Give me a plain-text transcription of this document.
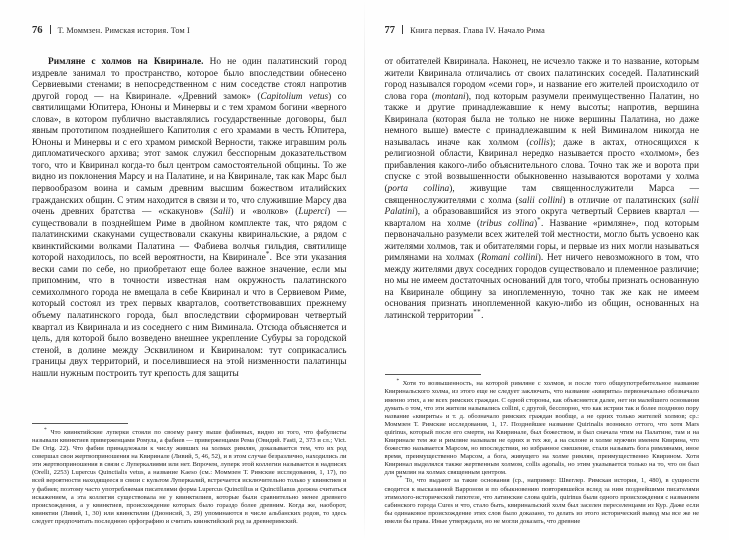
76 Т. Моммзен. Римская история. Том I

Римляне с холмов на Квиринале. Но не один палатинский город издревле занимал то пространство, которое было впоследствии обнесено Сервиевыми стенами; в непосредственном с ним соседстве стоял напротив другой город — на Квиринале. «Древний замок» (Capitolium vetus) со святилищами Юпитера, Юноны и Минервы и с тем храмом богини «верного слова», в котором публично выставлялись государственные договоры, был явным прототипом позднейшего Капитолия с его храмами в честь Юпитера, Юноны и Минервы и с его храмом римской Верности, также игравшим роль дипломатического архива; этот замок служил бесспорным доказательством того, что и Квиринал когда-то был центром самостоятельной общины. То же видно из поклонения Марсу и на Палатине, и на Квиринале, так как Марс был первообразом воина и самым древним высшим божеством италийских гражданских общин. С этим находится в связи и то, что служившие Марсу два очень древних братства — «скакунов» (Salii) и «волков» (Luperci) — существовали в позднейшем Риме в двойном комплекте так, что рядом с палатинскими скакунами существовали скакуны квиринальские, а рядом с квинктийскими волками Палатина — Фабиева волчья гильдия, святилище которой находилось, по всей вероятности, на Квиринале*. Все эти указания вески сами по себе, но приобретают еще более важное значение, если мы припомним, что в точности известная нам окружность палатинского семихолмного города не вмещала в себе Квиринал и что в Сервиевом Риме, который состоял из трех первых кварталов, соответствовавших прежнему объему палатинского города, был впоследствии сформирован четвертый квартал из Квиринала и из соседнего с ним Виминала. Отсюда объясняется и цель, для которой было возведено внешнее укрепление Субуры за городской стеной, в долине между Эсквилином и Квириналом: тут соприкасались границы двух территорий, и поселившиеся на этой низменности палатинцы нашли нужным построить тут крепость для защиты

* Что квинктийские луперки стояли по своему рангу выше фабиевых, видно из того, что фабулисты называли квинктиев приверженцами Ромула, а фабиев — приверженцами Рема (Овидий. Fasti, 2, 373 и сл.; Vict. De Orig. 22). Что фабии принадлежали к числу живших на холмах римлян, доказывается тем, что их род совершал свои жертвоприношения на Квиринале (Ливий, 5, 46, 52), и в этом случае безразлично, находились ли эти жертвоприношения в связи с Луперкалиями или нет. Впрочем, луперк этой коллегии называется в надписях (Orelli, 2253) Lupercus Quinctialis vetus, а название Kaeso (см.: Моммзен Т. Римские исследования, 1, 17), по всей вероятности находящееся в связи с культом Луперкалий, встречается исключительно только у квинктиев и у фабиев; поэтому часто употребляемая писателями форма Lupercus Quinctilius и Quinctilianus должна считаться искажением, а эта коллегия существовала не у квинктилиев, которые были сравнительно менее древнего происхождения, а у квинктиев, происхождение которых было гораздо более древним. Когда же, наоборот, квинктии (Ливий, 1, 30) или квинктилии (Дионисий, 3, 29) упоминаются в числе альбанских родов, то здесь следует предпочитать последнюю орфографию и считать квинктийский род за древнеримский.

77 Книга первая. Глава IV. Начало Рима

от обитателей Квиринала. Наконец, не исчезло также и то название, которым жители Квиринала отличались от своих палатинских соседей. Палатинский город назывался городом «семи гор», и название его жителей происходило от слова гора (montani), под которым разумели преимущественно Палатин, но также и другие принадлежавшие к нему высоты; напротив, вершина Квиринала (которая была не только не ниже вершины Палатина, но даже немного выше) вместе с принадлежавшим к ней Виминалом никогда не называлась иначе как холмом (collis); даже в актах, относящихся к религиозной области, Квиринал нередко называется просто «холмом», без прибавления какого-либо объяснительного слова. Точно так же и ворота при спуске с этой возвышенности обыкновенно называются воротами у холма (porta collina), живущие там священнослужители Марса — священнослужителями с холма (salii collini) в отличие от палатинских (salii Palatini), а образовавшийся из этого округа четвертый Сервиев квартал — кварталом на холме (tribus collina)*. Название «римляне», под которым первоначально разумели всех жителей той местности, могло быть усвоено как жителями холмов, так и обитателями горы, и первые из них могли называться римлянами на холмах (Romani collini). Нет ничего невозможного в том, что между жителями двух соседних городов существовало и племенное различие; но мы не имеем достаточных оснований для того, чтобы признать основанную на Квиринале общину за иноплеменную, точно так же как не имеем основания признать иноплеменной какую-либо из общин, основанных на латинской территории**.

* Хотя то возвышенность, на которой римляне с холмов, и после того общеупотребительное название Квиринальского холма, из этого еще не следует заключать, что название «квириты» первоначально обозначало именно этих, а не всех римских граждан. С одной стороны, как объясняется далее, нет ни малейшего основания думать о том, что эти жители назывались collini, с другой, бесспорно, что как истрии так и более позднюю пору название «квириты» и т. д. обозначало римских граждан вообще, а не одних только жителей холмов; ср.: Моммзен Т. Римские исследования, 1, 17. Позднейшее название Quirinalis возникло оттого, что хотя Mars quirinus, который после его смерти, на Квиринале, был божеством, и был сначала чтим на Палатине, там и на Квиринале тем же и римляне называли не одних и тех же, а на склоне и холме мужчин именем Квирина, что божество называется Марсом, но впоследствии, но избранное смешение, стали называть бога римлянами, иное время, преимущественно Марсом, а бога, живущего на холме римлян, преимущественно Квирином. Хотя Квиринал выделялся также жертвенным холмом, collis agonalis, но этим указывается только на то, что он был для римлян на холмах священным центром.

** То, что выдают за такие основания (ср., например: Швеглер. Римская история, 1, 480), в сущности сводится к высказанной Варроном и по обыкновению повторявшейся вслед за ним позднейшими писателями этимолого-исторической гипотезе, что латинские слова quiris, quirinus были одного происхождения с названием сабинского города Cures и что, стало быть, квиринальский холм был заселен переселенцами из Кур. Даже если бы одинаковое происхождение этих слов было доказано, то делать из этого исторический вывод мы все же не имели бы права. Иные утверждали, но не могли доказать, что древние
